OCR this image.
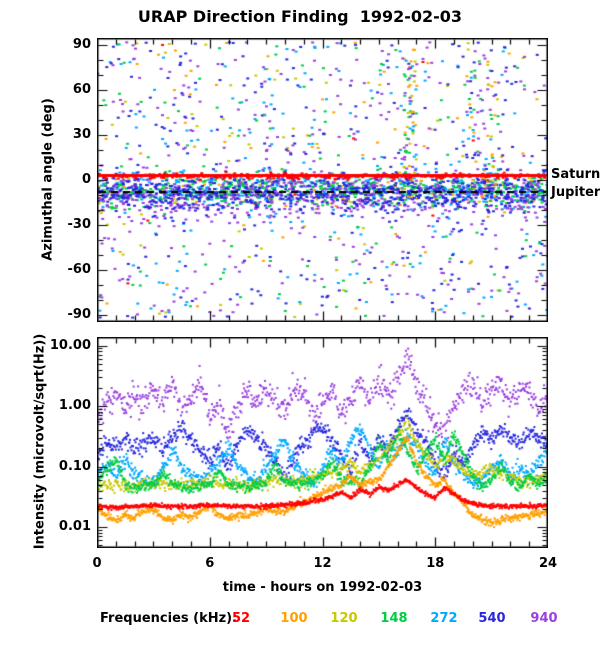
URAP Direction Finding  1992-02-03
Azimuthal angle (deg)
Intensity (microvolt/sqrt(Hz))
Saturn
Jupiter
90
60
30
0
-30
-60
-90
10.00
1.00
0.10
0.01
0	6	12	18	24
time - hours on 1992-02-03
Frequencies (kHz):
52	100	120	148	272	540	940
